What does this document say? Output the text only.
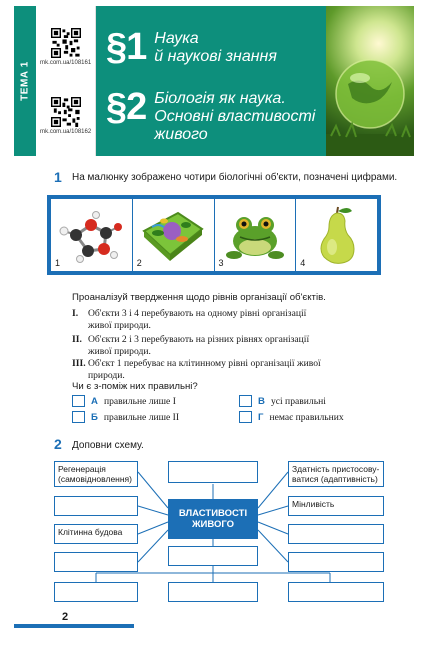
ТЕМА 1 rnk.com.ua/108161
rnk.com.ua/108162
§1 Наука
й наукові знання
§2 Біологія як наука.
Основні властивості
живого
1 На малюнку зображено чотири біологічні об'єкти, позначені цифрами.
1	2	3	4
Проаналізуй твердження щодо рівнів організації об'єктів.
I. Об'єкти 3 і 4 перебувають на одному рівні організації
живої природи.
II. Об'єкти 2 і 3 перебувають на різних рівнях організації
живої природи.
III. Об'єкт 1 перебуває на клітинному рівні організації живої
природи.
Чи є з-поміж них правильні?
А правильне лише I
Б правильне лише II
В усі правильні
Г немає правильних
2 Доповни схему.
Регенерація
(самовідновлення)
Здатність пристосову-
ватися (адаптивність)
Мінливість
ВЛАСТИВОСТІ
ЖИВОГО
Клітинна будова
2
